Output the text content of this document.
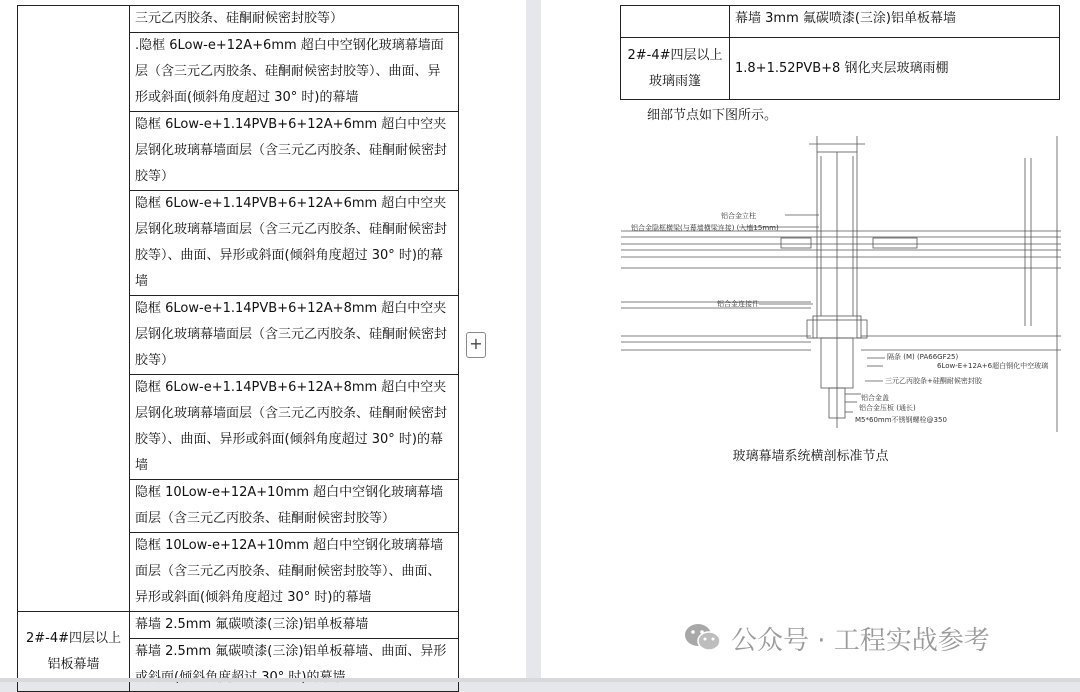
	三元乙丙胶条、硅酮耐候密封胶等）
	.隐框 6Low-e+12A+6mm 超白中空钢化玻璃幕墙面层（含三元乙丙胶条、硅酮耐候密封胶等）、曲面、异形或斜面(倾斜角度超过 30° 时)的幕墙
	隐框 6Low-e+1.14PVB+6+12A+6mm 超白中空夹层钢化玻璃幕墙面层（含三元乙丙胶条、硅酮耐候密封胶等）
	隐框 6Low-e+1.14PVB+6+12A+6mm 超白中空夹层钢化玻璃幕墙面层（含三元乙丙胶条、硅酮耐候密封胶等）、曲面、异形或斜面(倾斜角度超过 30° 时)的幕墙
	隐框 6Low-e+1.14PVB+6+12A+8mm 超白中空夹层钢化玻璃幕墙面层（含三元乙丙胶条、硅酮耐候密封胶等）
	隐框 6Low-e+1.14PVB+6+12A+8mm 超白中空夹层钢化玻璃幕墙面层（含三元乙丙胶条、硅酮耐候密封胶等）、曲面、异形或斜面(倾斜角度超过 30° 时)的幕墙
	隐框 10Low-e+12A+10mm 超白中空钢化玻璃幕墙面层（含三元乙丙胶条、硅酮耐候密封胶等）
	隐框 10Low-e+12A+10mm 超白中空钢化玻璃幕墙面层（含三元乙丙胶条、硅酮耐候密封胶等）、曲面、异形或斜面(倾斜角度超过 30° 时)的幕墙
2#-4#四层以上铝板幕墙	幕墙 2.5mm 氟碳喷漆(三涂)铝单板幕墙
	幕墙 2.5mm 氟碳喷漆(三涂)铝单板幕墙、曲面、异形
+
	幕墙 3mm 氟碳喷漆(三涂)铝单板幕墙
2#-4#四层以上玻璃雨篷	1.8+1.52PVB+8 钢化夹层玻璃雨棚
细部节点如下图所示。
铝合金立柱
铝合金隐框横梁(与幕墙横梁连接) (入墙15mm)
铝合金连接件
隔条 (M) (PA66GF25)
6Low-E+12A+6超白钢化中空玻璃
三元乙丙胶条+硅酮耐候密封胶
铝合金盖
铝合金压板 (通长)
M5*60mm不锈钢螺栓@350
玻璃幕墙系统横剖标准节点
公众号 · 工程实战参考
